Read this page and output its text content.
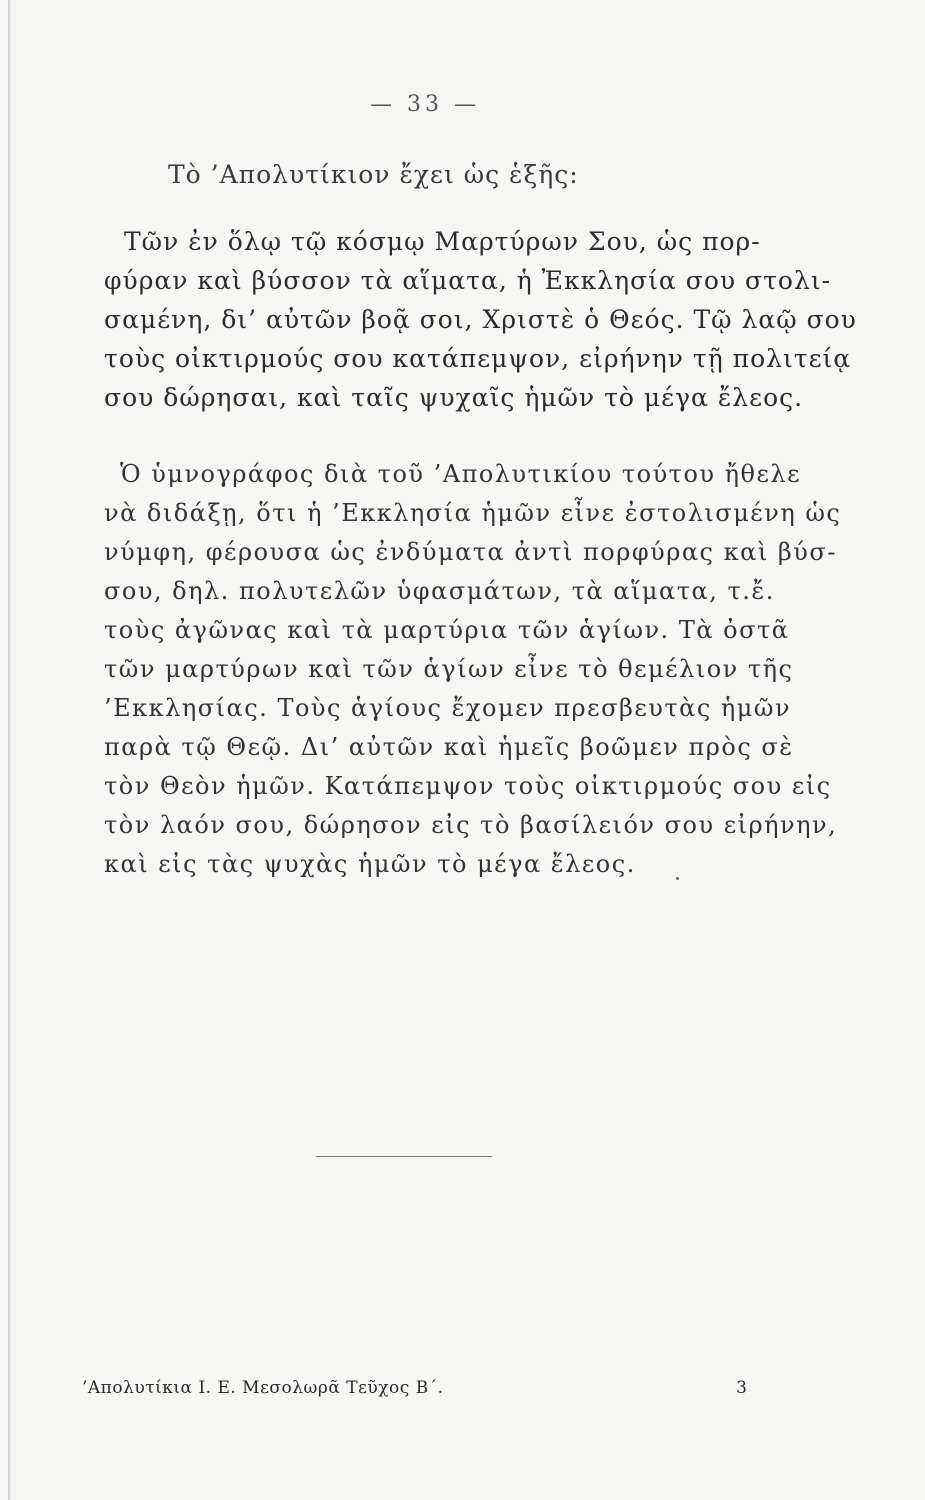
— 33 —
Τὸ ’Απολυτίκιον ἔχει ὡς ἑξῆς:
Τῶν ἐν ὅλῳ τῷ κόσμῳ Μαρτύρων Σου, ὡς πορ-
φύραν καὶ βύσσον τὰ αἵματα, ἡ Ἐκκλησία σου στολι-
σαμένη, δι’ αὐτῶν βοᾷ σοι, Χριστὲ ὁ Θεός. Τῷ λαῷ σου
τοὺς οἰκτιρμούς σου κατάπεμψον, εἰρήνην τῇ πολιτείᾳ
σου δώρησαι, καὶ ταῖς ψυχαῖς ἡμῶν τὸ μέγα ἔλεος.
Ὁ ὑμνογράφος διὰ τοῦ ’Απολυτικίου τούτου ἤθελε
νὰ διδάξῃ, ὅτι ἡ ’Εκκλησία ἡμῶν εἶνε ἐστολισμένη ὡς
νύμφη, φέρουσα ὡς ἐνδύματα ἀντὶ πορφύρας καὶ βύσ-
σου, δηλ. πολυτελῶν ὑφασμάτων, τὰ αἵματα, τ.ἔ.
τοὺς ἀγῶνας καὶ τὰ μαρτύρια τῶν ἁγίων. Τὰ ὀστᾶ
τῶν μαρτύρων καὶ τῶν ἁγίων εἶνε τὸ θεμέλιον τῆς
’Εκκλησίας. Τοὺς ἁγίους ἔχομεν πρεσβευτὰς ἡμῶν
παρὰ τῷ Θεῷ. Δι’ αὐτῶν καὶ ἡμεῖς βοῶμεν πρὸς σὲ
τὸν Θεὸν ἡμῶν. Κατάπεμψον τοὺς οἰκτιρμούς σου εἰς
τὸν λαόν σου, δώρησον εἰς τὸ βασίλειόν σου εἰρήνην,
καὶ εἰς τὰς ψυχὰς ἡμῶν τὸ μέγα ἔλεος.
’Απολυτίκια Ι. Ε. Μεσολωρᾶ Τεῦχος Β΄.	3
